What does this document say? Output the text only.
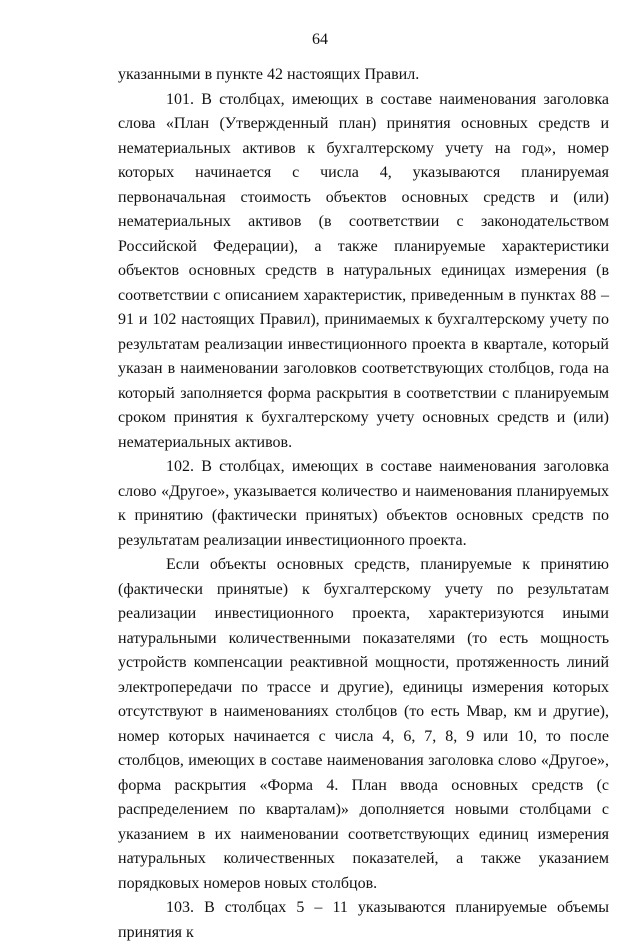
64

указанными в пункте 42 настоящих Правил.

101. В столбцах, имеющих в составе наименования заголовка слова «План (Утвержденный план) принятия основных средств и нематериальных активов к бухгалтерскому учету на год», номер которых начинается с числа 4, указываются планируемая первоначальная стоимость объектов основных средств и (или) нематериальных активов (в соответствии с законодательством Российской Федерации), а также планируемые характеристики объектов основных средств в натуральных единицах измерения (в соответствии с описанием характеристик, приведенным в пунктах 88 – 91 и 102 настоящих Правил), принимаемых к бухгалтерскому учету по результатам реализации инвестиционного проекта в квартале, который указан в наименовании заголовков соответствующих столбцов, года на который заполняется форма раскрытия в соответствии с планируемым сроком принятия к бухгалтерскому учету основных средств и (или) нематериальных активов.

102. В столбцах, имеющих в составе наименования заголовка слово «Другое», указывается количество и наименования планируемых к принятию (фактически принятых) объектов основных средств по результатам реализации инвестиционного проекта.

Если объекты основных средств, планируемые к принятию (фактически принятые) к бухгалтерскому учету по результатам реализации инвестиционного проекта, характеризуются иными натуральными количественными показателями (то есть мощность устройств компенсации реактивной мощности, протяженность линий электропередачи по трассе и другие), единицы измерения которых отсутствуют в наименованиях столбцов (то есть Мвар, км и другие), номер которых начинается с числа 4, 6, 7, 8, 9 или 10, то после столбцов, имеющих в составе наименования заголовка слово «Другое», форма раскрытия «Форма 4. План ввода основных средств (с распределением по кварталам)» дополняется новыми столбцами с указанием в их наименовании соответствующих единиц измерения натуральных количественных показателей, а также указанием порядковых номеров новых столбцов.

103. В столбцах 5 – 11 указываются планируемые объемы принятия к
